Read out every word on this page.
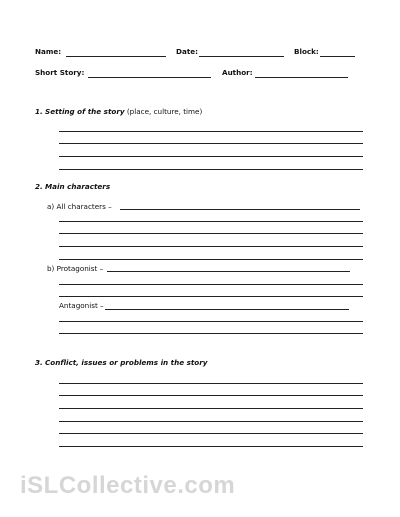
Name:	Date:	Block:
Short Story:	Author:
1. Setting of the story (place, culture, time)
2. Main characters
a) All characters –
b) Protagonist –
Antagonist –
3. Conflict, issues or problems in the story
iSLCollective.com
